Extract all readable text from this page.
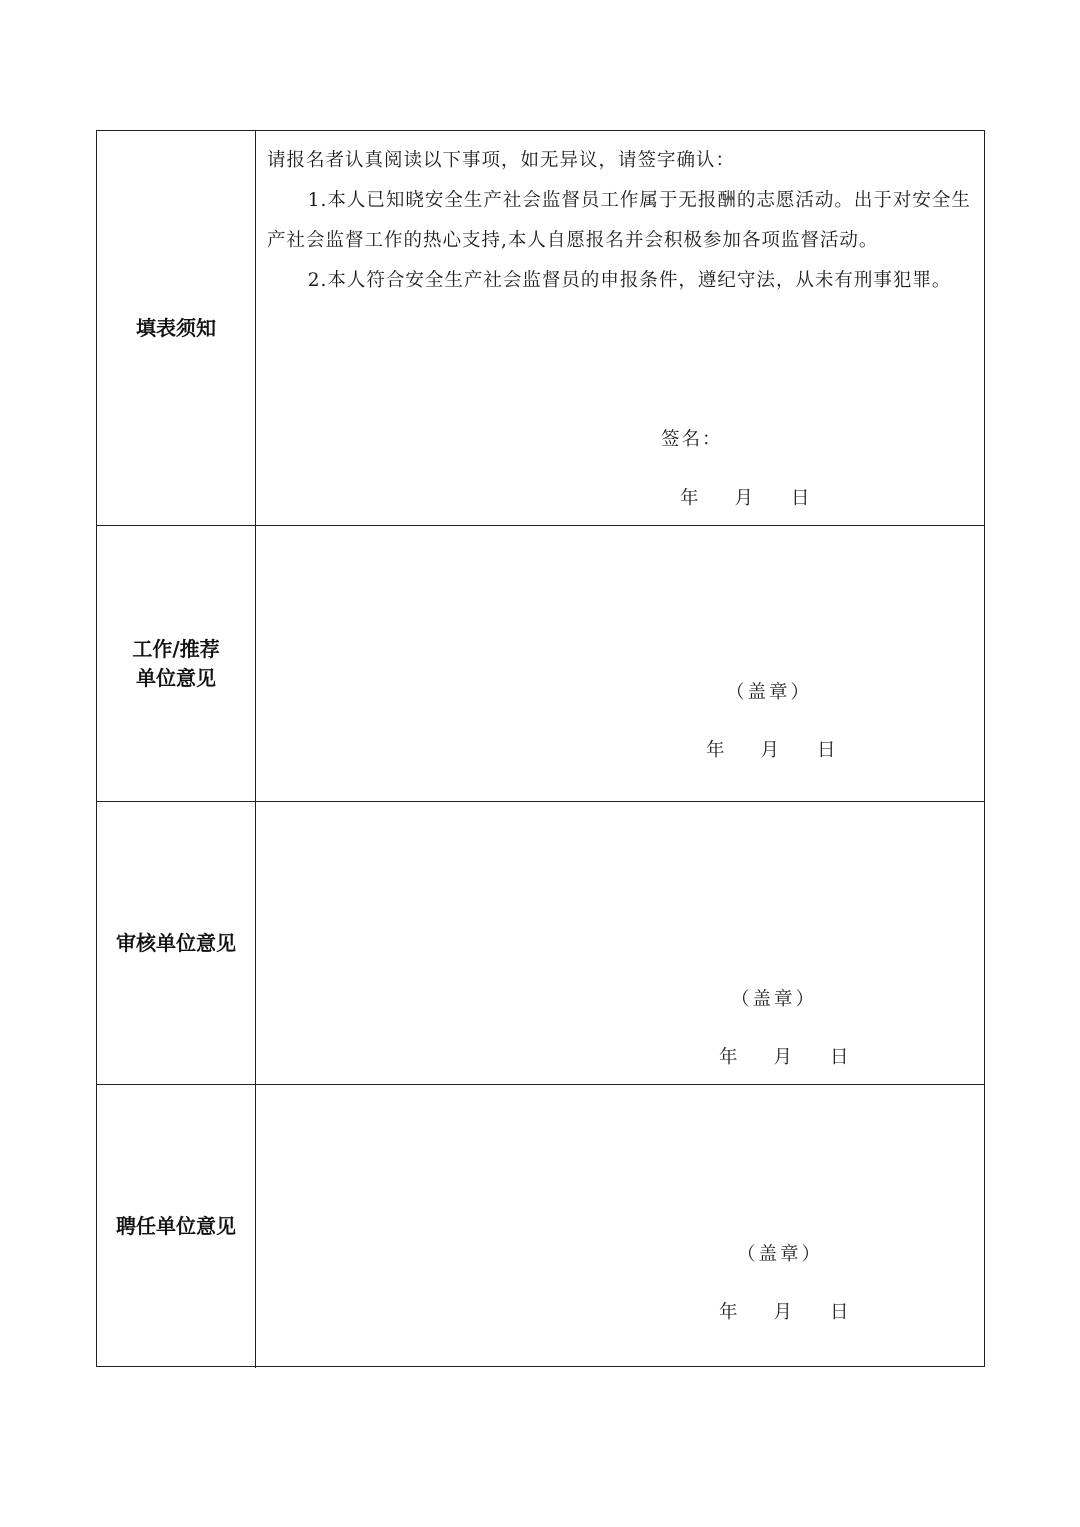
填表须知

请报名者认真阅读以下事项，如无异议，请签字确认：

1.本人已知晓安全生产社会监督员工作属于无报酬的志愿活动。出于对安全生产社会监督工作的热心支持,本人自愿报名并会积极参加各项监督活动。

2.本人符合安全生产社会监督员的申报条件，遵纪守法，从未有刑事犯罪。

签名：
年 月 日
工作/推荐
单位意见
（盖章）
年 月 日
审核单位意见
（盖章）
年 月 日
聘任单位意见
（盖章）
年 月 日
